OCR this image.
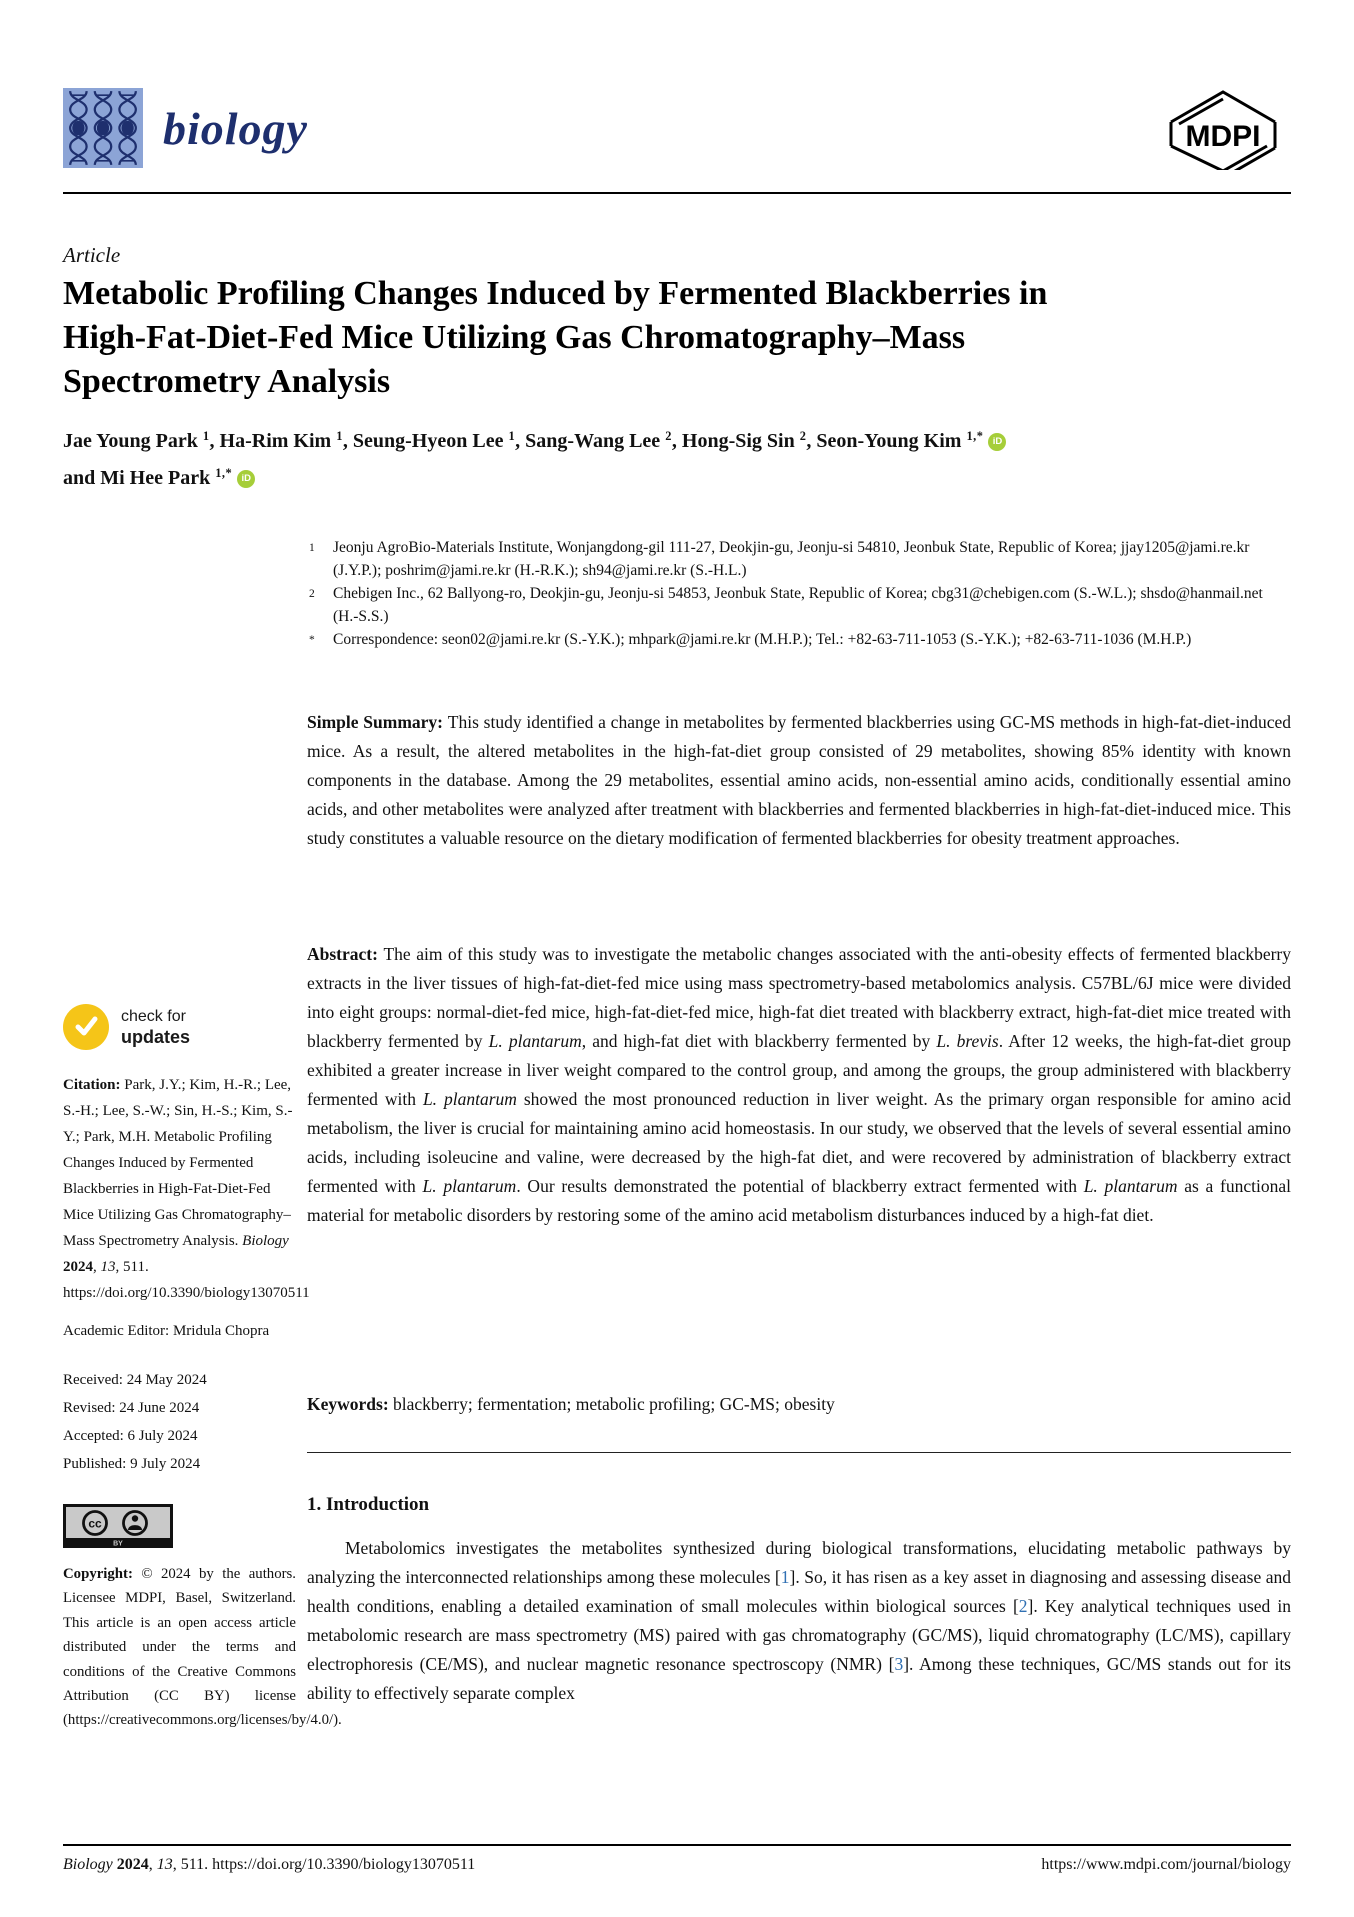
biology	MDPI
Article
Metabolic Profiling Changes Induced by Fermented Blackberries in High-Fat-Diet-Fed Mice Utilizing Gas Chromatography–Mass Spectrometry Analysis
Jae Young Park $^1$, Ha-Rim Kim $^1$, Seung-Hyeon Lee $^1$, Sang-Wang Lee $^2$, Hong-Sig Sin $^2$, Seon-Young Kim $^{1,*}$ iD
and Mi Hee Park $^{1,*}$ iD
1	Jeonju AgroBio-Materials Institute, Wonjangdong-gil 111-27, Deokjin-gu, Jeonju-si 54810, Jeonbuk State, Republic of Korea; jjay1205@jami.re.kr (J.Y.P.); poshrim@jami.re.kr (H.-R.K.); sh94@jami.re.kr (S.-H.L.)
2	Chebigen Inc., 62 Ballyong-ro, Deokjin-gu, Jeonju-si 54853, Jeonbuk State, Republic of Korea; cbg31@chebigen.com (S.-W.L.); shsdo@hanmail.net (H.-S.S.)
*	Correspondence: seon02@jami.re.kr (S.-Y.K.); mhpark@jami.re.kr (M.H.P.); Tel.: +82-63-711-1053 (S.-Y.K.); +82-63-711-1036 (M.H.P.)
Simple Summary: This study identified a change in metabolites by fermented blackberries using GC-MS methods in high-fat-diet-induced mice. As a result, the altered metabolites in the high-fat-diet group consisted of 29 metabolites, showing 85% identity with known components in the database. Among the 29 metabolites, essential amino acids, non-essential amino acids, conditionally essential amino acids, and other metabolites were analyzed after treatment with blackberries and fermented blackberries in high-fat-diet-induced mice. This study constitutes a valuable resource on the dietary modification of fermented blackberries for obesity treatment approaches.
Abstract: The aim of this study was to investigate the metabolic changes associated with the anti-obesity effects of fermented blackberry extracts in the liver tissues of high-fat-diet-fed mice using mass spectrometry-based metabolomics analysis. C57BL/6J mice were divided into eight groups: normal-diet-fed mice, high-fat-diet-fed mice, high-fat diet treated with blackberry extract, high-fat-diet mice treated with blackberry fermented by L. plantarum, and high-fat diet with blackberry fermented by L. brevis. After 12 weeks, the high-fat-diet group exhibited a greater increase in liver weight compared to the control group, and among the groups, the group administered with blackberry fermented with L. plantarum showed the most pronounced reduction in liver weight. As the primary organ responsible for amino acid metabolism, the liver is crucial for maintaining amino acid homeostasis. In our study, we observed that the levels of several essential amino acids, including isoleucine and valine, were decreased by the high-fat diet, and were recovered by administration of blackberry extract fermented with L. plantarum. Our results demonstrated the potential of blackberry extract fermented with L. plantarum as a functional material for metabolic disorders by restoring some of the amino acid metabolism disturbances induced by a high-fat diet.
Keywords: blackberry; fermentation; metabolic profiling; GC-MS; obesity
1. Introduction
Metabolomics investigates the metabolites synthesized during biological transformations, elucidating metabolic pathways by analyzing the interconnected relationships among these molecules [1]. So, it has risen as a key asset in diagnosing and assessing disease and health conditions, enabling a detailed examination of small molecules within biological sources [2]. Key analytical techniques used in metabolomic research are mass spectrometry (MS) paired with gas chromatography (GC/MS), liquid chromatography (LC/MS), capillary electrophoresis (CE/MS), and nuclear magnetic resonance spectroscopy (NMR) [3]. Among these techniques, GC/MS stands out for its ability to effectively separate complex
check for
updates
Citation: Park, J.Y.; Kim, H.-R.; Lee, S.-H.; Lee, S.-W.; Sin, H.-S.; Kim, S.-Y.; Park, M.H. Metabolic Profiling Changes Induced by Fermented Blackberries in High-Fat-Diet-Fed Mice Utilizing Gas Chromatography–Mass Spectrometry Analysis. Biology 2024, 13, 511. https://doi.org/10.3390/biology13070511
Academic Editor: Mridula Chopra
Received: 24 May 2024
Revised: 24 June 2024
Accepted: 6 July 2024
Published: 9 July 2024
cc
BY
Copyright: © 2024 by the authors. Licensee MDPI, Basel, Switzerland. This article is an open access article distributed under the terms and conditions of the Creative Commons Attribution (CC BY) license (https://creativecommons.org/licenses/by/4.0/).
Biology 2024, 13, 511. https://doi.org/10.3390/biology13070511	https://www.mdpi.com/journal/biology
